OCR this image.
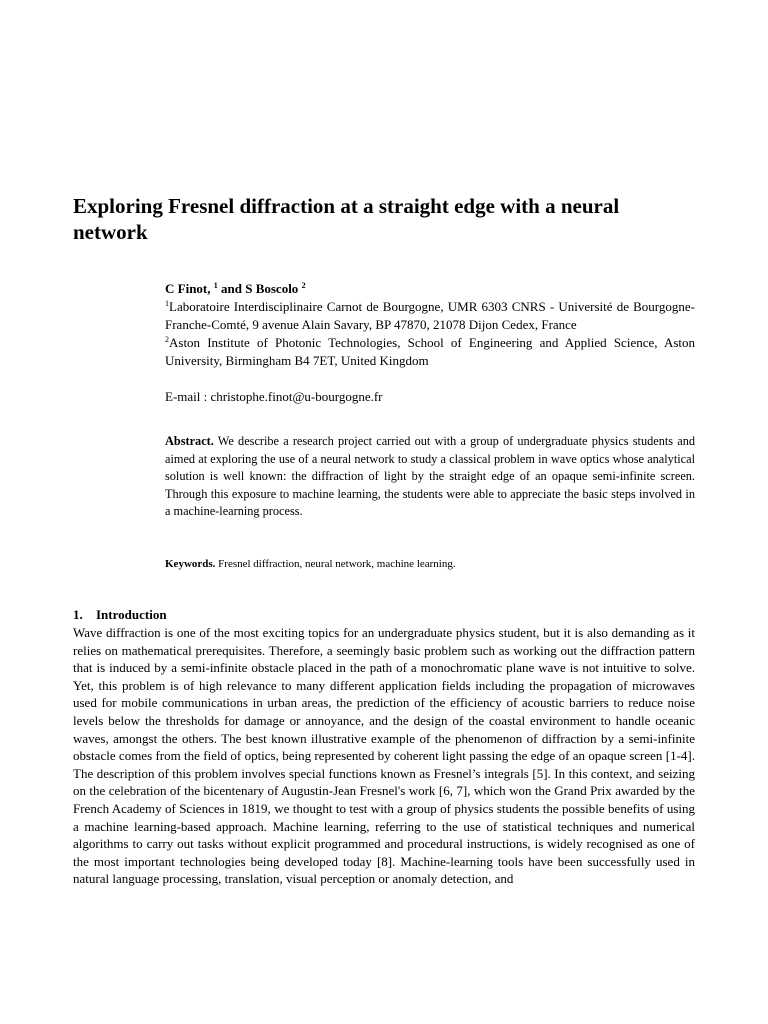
Exploring Fresnel diffraction at a straight edge with a neural network

C Finot, $^1$ and S Boscolo $^2$

$^1$Laboratoire Interdisciplinaire Carnot de Bourgogne, UMR 6303 CNRS - Université de Bourgogne-Franche-Comté, 9 avenue Alain Savary, BP 47870, 21078 Dijon Cedex, France

$^2$Aston Institute of Photonic Technologies, School of Engineering and Applied Science, Aston University, Birmingham B4 7ET, United Kingdom

E-mail : christophe.finot@u-bourgogne.fr

Abstract. We describe a research project carried out with a group of undergraduate physics students and aimed at exploring the use of a neural network to study a classical problem in wave optics whose analytical solution is well known: the diffraction of light by the straight edge of an opaque semi-infinite screen. Through this exposure to machine learning, the students were able to appreciate the basic steps involved in a machine-learning process.

Keywords. Fresnel diffraction, neural network, machine learning.

1. Introduction

Wave diffraction is one of the most exciting topics for an undergraduate physics student, but it is also demanding as it relies on mathematical prerequisites. Therefore, a seemingly basic problem such as working out the diffraction pattern that is induced by a semi-infinite obstacle placed in the path of a monochromatic plane wave is not intuitive to solve. Yet, this problem is of high relevance to many different application fields including the propagation of microwaves used for mobile communications in urban areas, the prediction of the efficiency of acoustic barriers to reduce noise levels below the thresholds for damage or annoyance, and the design of the coastal environment to handle oceanic waves, amongst the others. The best known illustrative example of the phenomenon of diffraction by a semi-infinite obstacle comes from the field of optics, being represented by coherent light passing the edge of an opaque screen [1-4]. The description of this problem involves special functions known as Fresnel’s integrals [5]. In this context, and seizing on the celebration of the bicentenary of Augustin-Jean Fresnel's work [6, 7], which won the Grand Prix awarded by the French Academy of Sciences in 1819, we thought to test with a group of physics students the possible benefits of using a machine learning-based approach. Machine learning, referring to the use of statistical techniques and numerical algorithms to carry out tasks without explicit programmed and procedural instructions, is widely recognised as one of the most important technologies being developed today [8]. Machine-learning tools have been successfully used in natural language processing, translation, visual perception or anomaly detection, and
